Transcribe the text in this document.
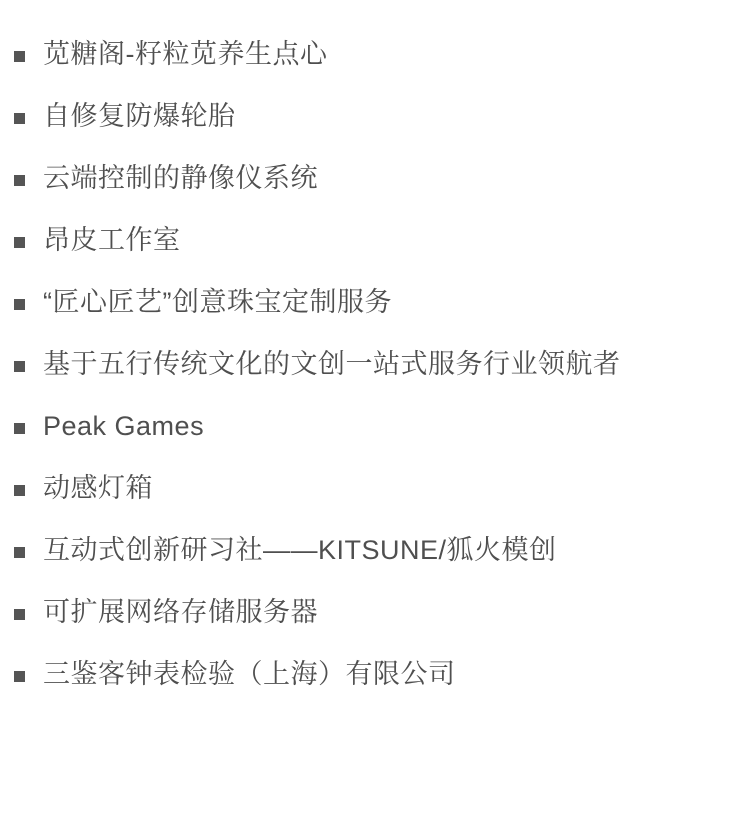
苋糖阁-籽粒苋养生点心
自修复防爆轮胎
云端控制的静像仪系统
昂皮工作室
“匠心匠艺”创意珠宝定制服务
基于五行传统文化的文创一站式服务行业领航者
Peak Games
动感灯箱
互动式创新研习社——KITSUNE/狐火模创
可扩展网络存储服务器
三鉴客钟表检验（上海）有限公司
